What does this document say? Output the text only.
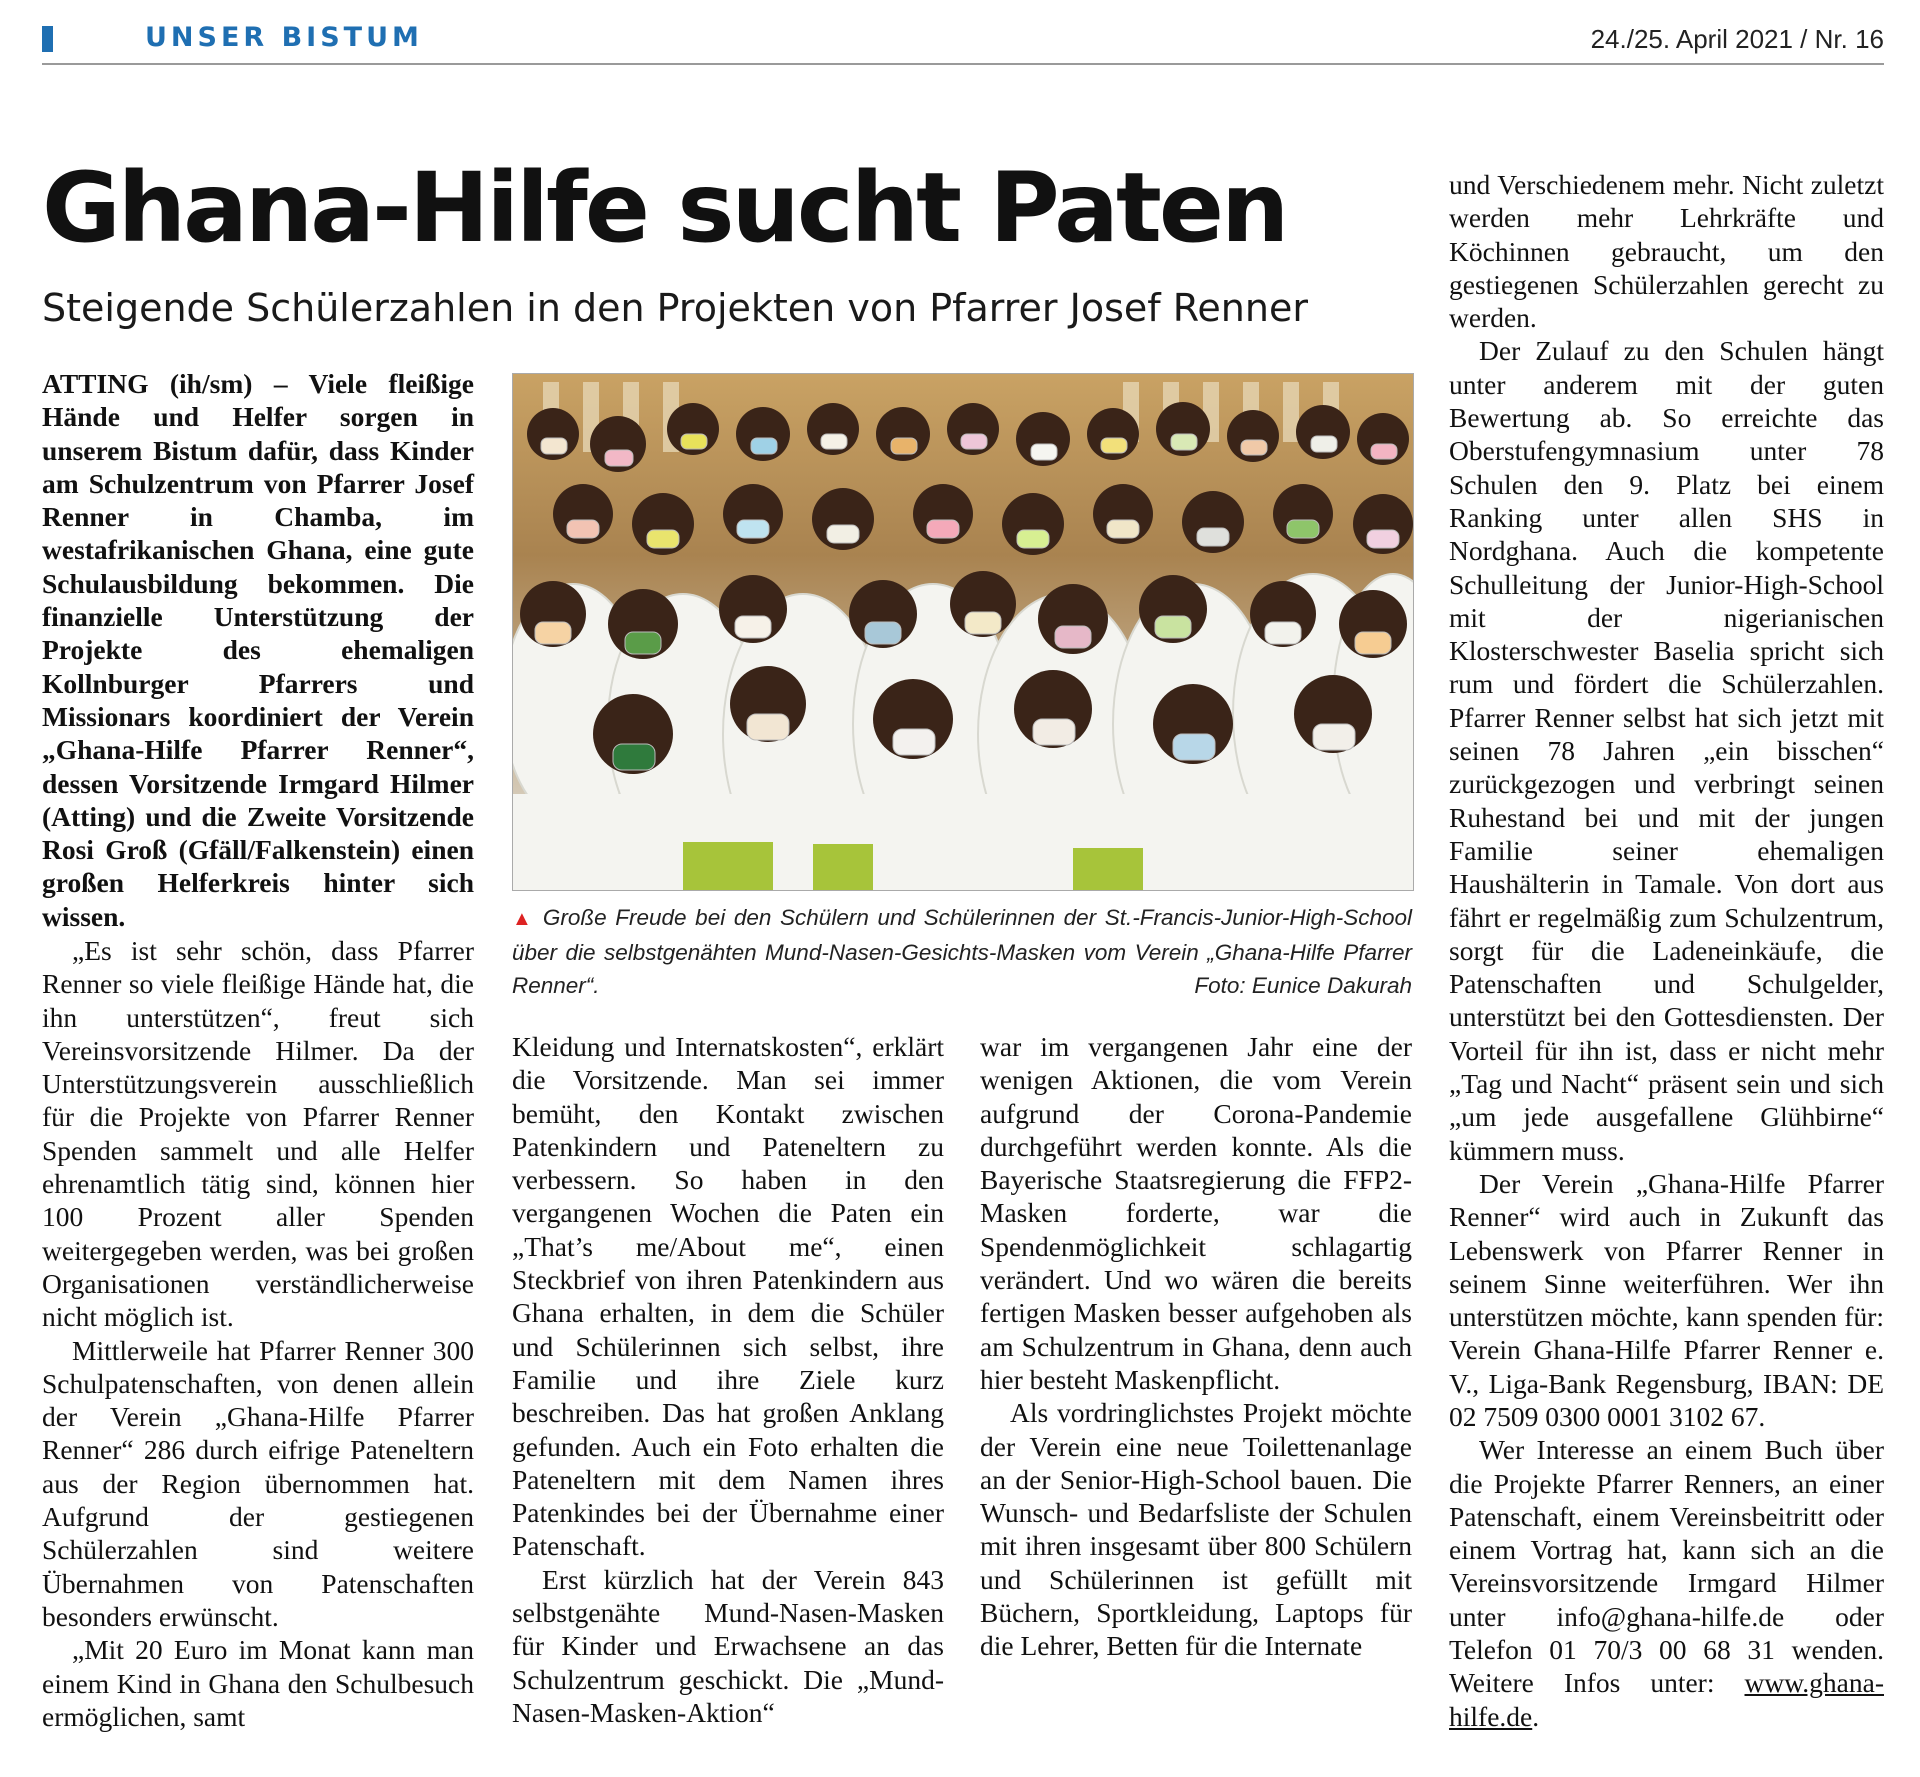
UNSER BISTUM	24./25. April 2021 / Nr. 16
Ghana-Hilfe sucht Paten
Steigende Schülerzahlen in den Projekten von Pfarrer Josef Renner

ATTING (ih/sm) – Viele fleißige Hände und Helfer sorgen in unserem Bistum dafür, dass Kinder am Schulzentrum von Pfarrer Josef Renner in Chamba, im westafrikanischen Ghana, eine gute Schulausbildung bekommen. Die finanzielle Unterstützung der Projekte des ehemaligen Kollnburger Pfarrers und Missionars koordiniert der Verein „Ghana-Hilfe Pfarrer Renner“, dessen Vorsitzende Irmgard Hilmer (Atting) und die Zweite Vorsitzende Rosi Groß (Gfäll/Falkenstein) einen großen Helferkreis hinter sich wissen.

„Es ist sehr schön, dass Pfarrer Renner so viele fleißige Hände hat, die ihn unterstützen“, freut sich Vereinsvorsitzende Hilmer. Da der Unterstützungsverein ausschließlich für die Projekte von Pfarrer Renner Spenden sammelt und alle Helfer ehrenamtlich tätig sind, können hier 100 Prozent aller Spenden weitergegeben werden, was bei großen Organisationen verständlicherweise nicht möglich ist.

Mittlerweile hat Pfarrer Renner 300 Schulpatenschaften, von denen allein der Verein „Ghana-Hilfe Pfarrer Renner“ 286 durch eifrige Pateneltern aus der Region übernommen hat. Aufgrund der gestiegenen Schülerzahlen sind weitere Übernahmen von Patenschaften besonders erwünscht.

„Mit 20 Euro im Monat kann man einem Kind in Ghana den Schulbesuch ermöglichen, samt

▲ Große Freude bei den Schülern und Schülerinnen der St.-Francis-Junior-High-School über die selbstgenähten Mund-Nasen-Gesichts-Masken vom Verein „Ghana-Hilfe Pfarrer Renner“.	Foto: Eunice Dakurah

Kleidung und Internatskosten“, erklärt die Vorsitzende. Man sei immer bemüht, den Kontakt zwischen Patenkindern und Pateneltern zu verbessern. So haben in den vergangenen Wochen die Paten ein „That’s me/About me“, einen Steckbrief von ihren Patenkindern aus Ghana erhalten, in dem die Schüler und Schülerinnen sich selbst, ihre Familie und ihre Ziele kurz beschreiben. Das hat großen Anklang gefunden. Auch ein Foto erhalten die Pateneltern mit dem Namen ihres Patenkindes bei der Übernahme einer Patenschaft.

Erst kürzlich hat der Verein 843 selbstgenähte Mund-Nasen-Masken für Kinder und Erwachsene an das Schulzentrum geschickt. Die „Mund-Nasen-Masken-Aktion“

war im vergangenen Jahr eine der wenigen Aktionen, die vom Verein aufgrund der Corona-Pandemie durchgeführt werden konnte. Als die Bayerische Staatsregierung die FFP2-Masken forderte, war die Spendenmöglichkeit schlagartig verändert. Und wo wären die bereits fertigen Masken besser aufgehoben als am Schulzentrum in Ghana, denn auch hier besteht Maskenpflicht.

Als vordringlichstes Projekt möchte der Verein eine neue Toilettenanlage an der Senior-High-School bauen. Die Wunsch- und Bedarfsliste der Schulen mit ihren insgesamt über 800 Schülern und Schülerinnen ist gefüllt mit Büchern, Sportkleidung, Laptops für die Lehrer, Betten für die Internate

und Verschiedenem mehr. Nicht zuletzt werden mehr Lehrkräfte und Köchinnen gebraucht, um den gestiegenen Schülerzahlen gerecht zu werden.

Der Zulauf zu den Schulen hängt unter anderem mit der guten Bewertung ab. So erreichte das Oberstufengymnasium unter 78 Schulen den 9. Platz bei einem Ranking unter allen SHS in Nordghana. Auch die kompetente Schulleitung der Junior-High-School mit der nigerianischen Klosterschwester Baselia spricht sich rum und fördert die Schülerzahlen. Pfarrer Renner selbst hat sich jetzt mit seinen 78 Jahren „ein bisschen“ zurückgezogen und verbringt seinen Ruhestand bei und mit der jungen Familie seiner ehemaligen Haushälterin in Tamale. Von dort aus fährt er regelmäßig zum Schulzentrum, sorgt für die Ladeneinkäufe, die Patenschaften und Schulgelder, unterstützt bei den Gottesdiensten. Der Vorteil für ihn ist, dass er nicht mehr „Tag und Nacht“ präsent sein und sich „um jede ausgefallene Glühbirne“ kümmern muss.

Der Verein „Ghana-Hilfe Pfarrer Renner“ wird auch in Zukunft das Lebenswerk von Pfarrer Renner in seinem Sinne weiterführen. Wer ihn unterstützen möchte, kann spenden für: Verein Ghana-Hilfe Pfarrer Renner e. V., Liga-Bank Regensburg, IBAN: DE 02 7509 0300 0001 3102 67.

Wer Interesse an einem Buch über die Projekte Pfarrer Renners, an einer Patenschaft, einem Vereinsbeitritt oder einem Vortrag hat, kann sich an die Vereinsvorsitzende Irmgard Hilmer unter info@ghana-hilfe.de oder Telefon 01 70/3 00 68 31 wenden. Weitere Infos unter: www.ghana-hilfe.de.
